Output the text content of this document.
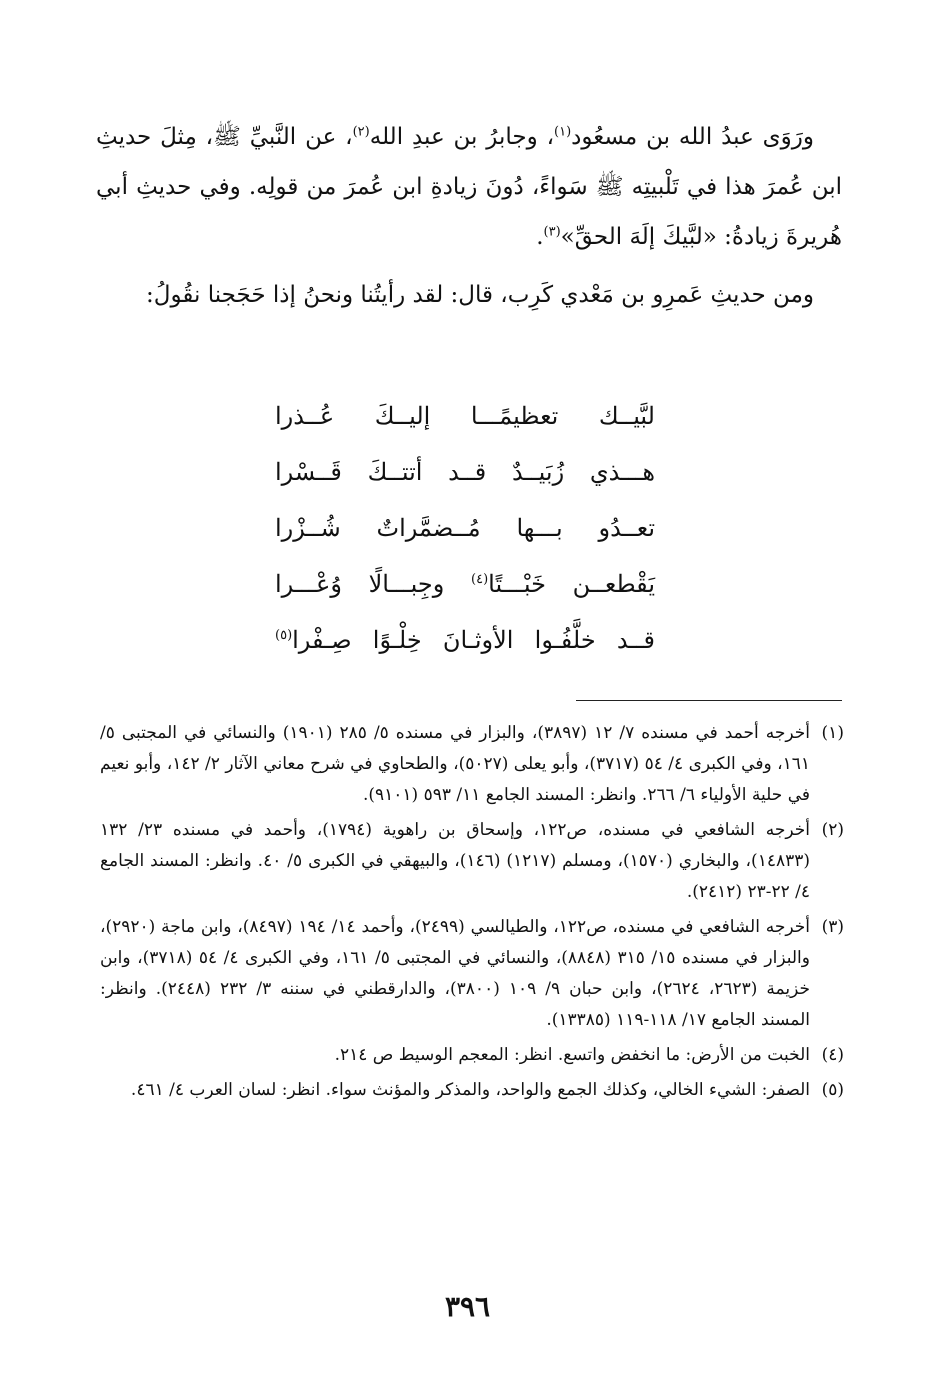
ورَوَى عبدُ الله بن مسعُود$^{(١)}$، وجابرُ بن عبدِ الله$^{(٢)}$، عن النَّبيِّ ﷺ، مِثلَ حديثِ ابن عُمرَ هذا في تَلْبيتِه ﷺ سَواءً، دُونَ زيادةِ ابن عُمرَ من قولِه. وفي حديثِ أبي هُريرةَ زيادةُ: «لبَّيكَ إلَهَ الحقِّ»$^{(٣)}$.

ومن حديثِ عَمرِو بن مَعْدي كَرِب، قال: لقد رأيتُنا ونحنُ إذا حَجَجنا نقُولُ:

لبَّيــك تعظيمًـــا إليــكَ عُــذرا
هـــذي زُبَيــدٌ قــد أتتــكَ قَــسْرا
تعــدُو بـــها مُــضمَّراتٌ شُــزْرا
يَقْطعــن خَبْـــتًا$^{(٤)}$ وجِبـــالًا وُعْـــرا
قــد خلَّفُـوا الأوثـانَ خِلْـوًا صِـفْرا$^{(٥)}$

(١)أخرجه أحمد في مسنده ٧/ ١٢ (٣٨٩٧)، والبزار في مسنده ٥/ ٢٨٥ (١٩٠١) والنسائي في المجتبى ٥/ ١٦١، وفي الكبرى ٤/ ٥٤ (٣٧١٧)، وأبو يعلى (٥٠٢٧)، والطحاوي في شرح معاني الآثار ٢/ ١٤٢، وأبو نعيم في حلية الأولياء ٦/ ٢٦٦. وانظر: المسند الجامع ١١/ ٥٩٣ (٩١٠١).

(٢)أخرجه الشافعي في مسنده، ص١٢٢، وإسحاق بن راهوية (١٧٩٤)، وأحمد في مسنده ٢٣/ ١٣٢ (١٤٨٣٣)، والبخاري (١٥٧٠)، ومسلم (١٢١٧) (١٤٦)، والبيهقي في الكبرى ٥/ ٤٠. وانظر: المسند الجامع ٤/ ٢٢-٢٣ (٢٤١٢).

(٣)أخرجه الشافعي في مسنده، ص١٢٢، والطيالسي (٢٤٩٩)، وأحمد ١٤/ ١٩٤ (٨٤٩٧)، وابن ماجة (٢٩٢٠)، والبزار في مسنده ١٥/ ٣١٥ (٨٨٤٨)، والنسائي في المجتبى ٥/ ١٦١، وفي الكبرى ٤/ ٥٤ (٣٧١٨)، وابن خزيمة (٢٦٢٣، ٢٦٢٤)، وابن حبان ٩/ ١٠٩ (٣٨٠٠)، والدارقطني في سننه ٣/ ٢٣٢ (٢٤٤٨). وانظر: المسند الجامع ١٧/ ١١٨-١١٩ (١٣٣٨٥).

(٤)الخبت من الأرض: ما انخفض واتسع. انظر: المعجم الوسيط ص ٢١٤.

(٥)الصفر: الشيء الخالي، وكذلك الجمع والواحد، والمذكر والمؤنث سواء. انظر: لسان العرب ٤/ ٤٦١.

٣٩٦
